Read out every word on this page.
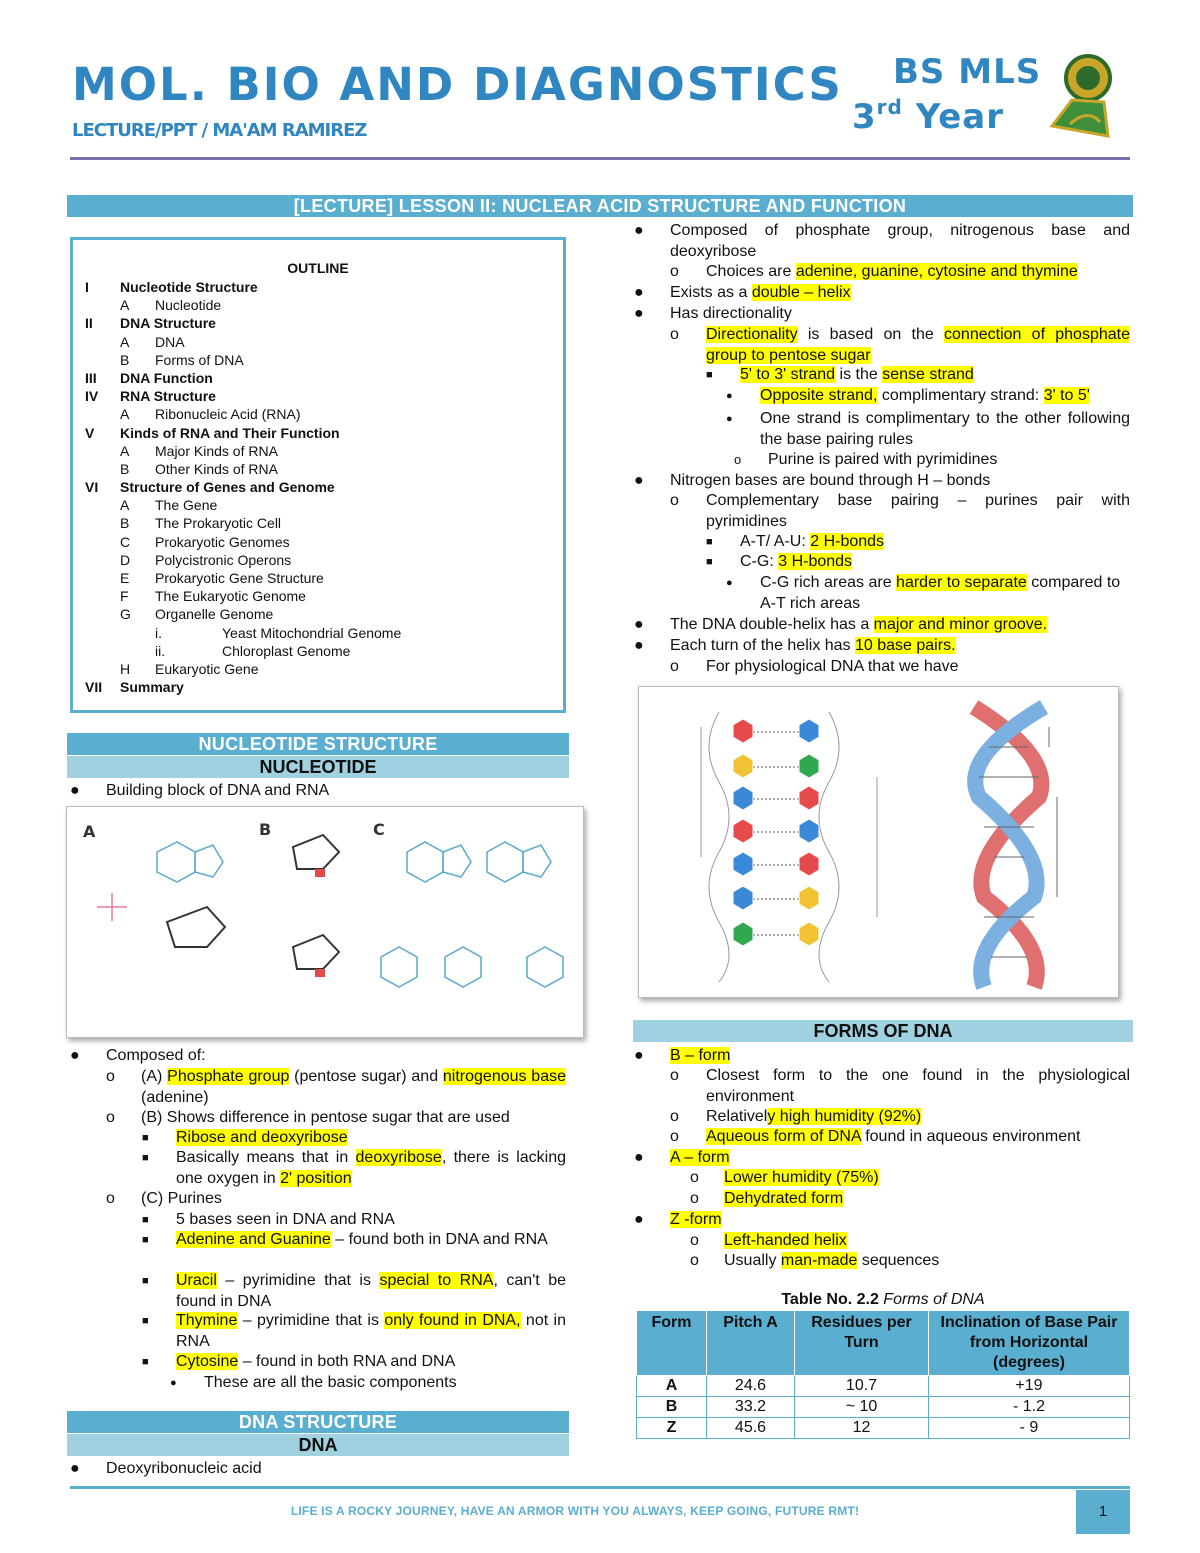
MOL. BIO AND DIAGNOSTICS
LECTURE/PPT / MA'AM RAMIREZ
BS MLS
3rd Year
[LECTURE] LESSON II: NUCLEAR ACID STRUCTURE AND FUNCTION
OUTLINE
I	Nucleotide Structure
A	Nucleotide
II	DNA Structure
A	DNA
B	Forms of DNA
III	DNA Function
IV	RNA Structure
A	Ribonucleic Acid (RNA)
V	Kinds of RNA and Their Function
A	Major Kinds of RNA
B	Other Kinds of RNA
VI	Structure of Genes and Genome
A	The Gene
B	The Prokaryotic Cell
C	Prokaryotic Genomes
D	Polycistronic Operons
E	Prokaryotic Gene Structure
F	The Eukaryotic Genome
G	Organelle Genome
i.	Yeast Mitochondrial Genome
ii.	Chloroplast Genome
H	Eukaryotic Gene
VII	Summary
NUCLEOTIDE STRUCTURE
NUCLEOTIDE
● Building block of DNA and RNA
A	B	C
● Composed of:
o (A) Phosphate group (pentose sugar) and nitrogenous base (adenine)
o (B) Shows difference in pentose sugar that are used
■ Ribose and deoxyribose
■ Basically means that in deoxyribose, there is lacking one oxygen in 2' position
o (C) Purines
■ 5 bases seen in DNA and RNA
■ Adenine and Guanine – found both in DNA and RNA
■ Uracil – pyrimidine that is special to RNA, can't be found in DNA
■ Thymine – pyrimidine that is only found in DNA, not in RNA
■ Cytosine – found in both RNA and DNA
● These are all the basic components
DNA STRUCTURE
DNA
● Deoxyribonucleic acid
● Composed of phosphate group, nitrogenous base and deoxyribose
o Choices are adenine, guanine, cytosine and thymine
● Exists as a double – helix
● Has directionality
o Directionality is based on the connection of phosphate group to pentose sugar
■ 5' to 3' strand is the sense strand
● Opposite strand, complimentary strand: 3' to 5'
● One strand is complimentary to the other following the base pairing rules
o Purine is paired with pyrimidines
● Nitrogen bases are bound through H – bonds
o Complementary base pairing – purines pair with pyrimidines
■ A-T/ A-U: 2 H-bonds
■ C-G: 3 H-bonds
● C-G rich areas are harder to separate compared to A-T rich areas
● The DNA double-helix has a major and minor groove.
● Each turn of the helix has 10 base pairs.
o For physiological DNA that we have
FORMS OF DNA
● B – form
o Closest form to the one found in the physiological environment
o Relatively high humidity (92%)
o Aqueous form of DNA found in aqueous environment
● A – form
o Lower humidity (75%)
o Dehydrated form
● Z -form
o Left-handed helix
o Usually man-made sequences
Table No. 2.2 Forms of DNA
Form	Pitch A	Residues per Turn	Inclination of Base Pair from Horizontal (degrees)
A	24.6	10.7	+19
B	33.2	~ 10	- 1.2
Z	45.6	12	- 9
LIFE IS A ROCKY JOURNEY, HAVE AN ARMOR WITH YOU ALWAYS, KEEP GOING, FUTURE RMT!	1
